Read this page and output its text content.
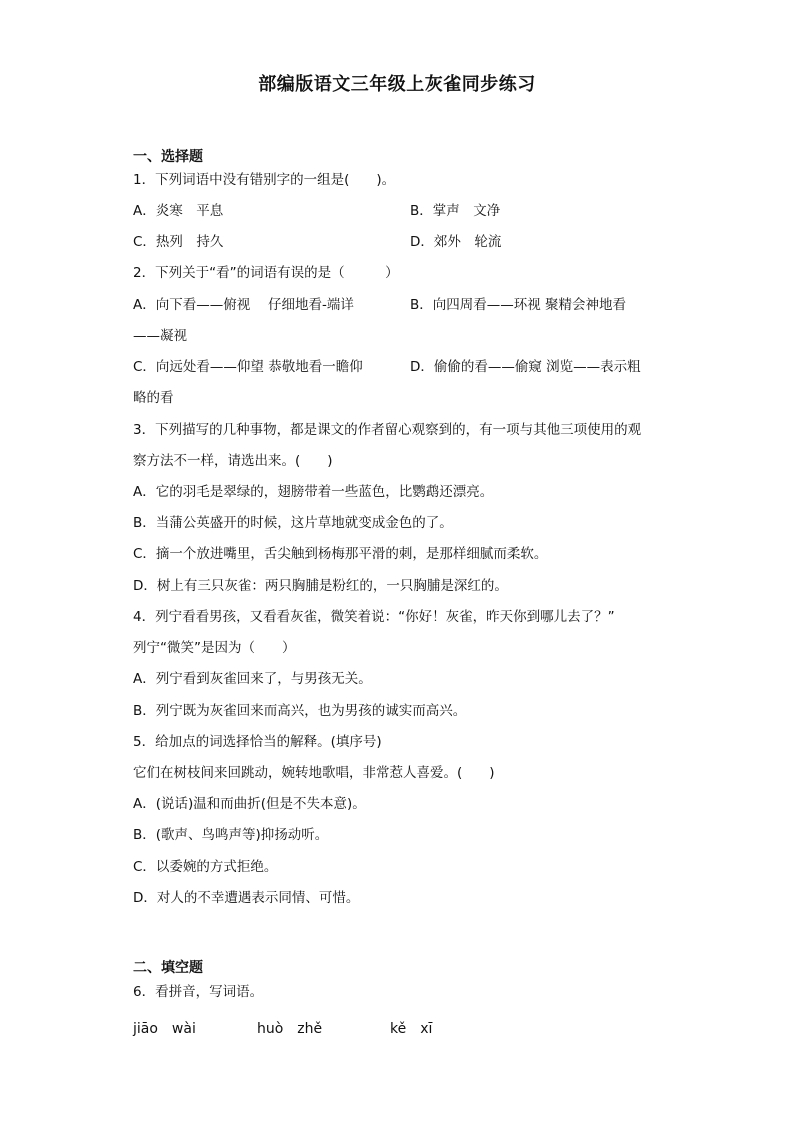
部编版语文三年级上灰雀同步练习
一、选择题
1．下列词语中没有错别字的一组是(　　)。
A．炎寒　平息	B．掌声　文净
C．热列　持久	D．郊外　轮流
2．下列关于“看”的词语有误的是（　　　）
A．向下看——俯视　 仔细地看-端详	B．向四周看——环视 聚精会神地看
——凝视
C．向远处看——仰望 恭敬地看一瞻仰	D．偷偷的看——偷窥 浏览——表示粗
略的看
3．下列描写的几种事物，都是课文的作者留心观察到的，有一项与其他三项使用的观
察方法不一样，请选出来。(　　)
A．它的羽毛是翠绿的，翅膀带着一些蓝色，比鹦鹉还漂亮。
B．当蒲公英盛开的时候，这片草地就变成金色的了。
C．摘一个放进嘴里，舌尖触到杨梅那平滑的刺，是那样细腻而柔软。
D．树上有三只灰雀：两只胸脯是粉红的，一只胸脯是深红的。
4．列宁看看男孩，又看看灰雀，微笑着说：“你好！灰雀，昨天你到哪儿去了？”
列宁“微笑”是因为（　　）
A．列宁看到灰雀回来了，与男孩无关。
B．列宁既为灰雀回来而高兴，也为男孩的诚实而高兴。
5．给加点的词选择恰当的解释。(填序号)
它们在树枝间来回跳动，婉转地歌唱，非常惹人喜爱。(　　)
A．(说话)温和而曲折(但是不失本意)。
B．(歌声、鸟鸣声等)抑扬动听。
C．以委婉的方式拒绝。
D．对人的不幸遭遇表示同情、可惜。
二、填空题
6．看拼音，写词语。
jiāo　wài	huò　zhě	kě　xī
